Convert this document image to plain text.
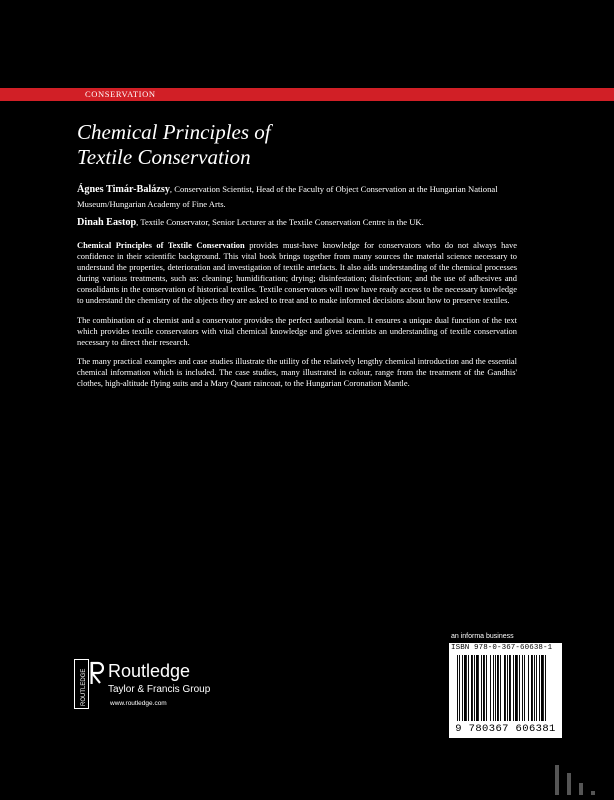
CONSERVATION
Chemical Principles of
Textile Conservation
Ágnes Timár-Balázsy, Conservation Scientist, Head of the Faculty of Object Conservation at the Hungarian National Museum/Hungarian Academy of Fine Arts.
Dinah Eastop, Textile Conservator, Senior Lecturer at the Textile Conservation Centre in the UK.

Chemical Principles of Textile Conservation provides must-have knowledge for conservators who do not always have confidence in their scientific background. This vital book brings together from many sources the material science necessary to understand the properties, deterioration and investigation of textile artefacts. It also aids understanding of the chemical processes during various treatments, such as: cleaning; humidification; drying; disinfestation; disinfection; and the use of adhesives and consolidants in the conservation of historical textiles. Textile conservators will now have ready access to the necessary knowledge to understand the chemistry of the objects they are asked to treat and to make informed decisions about how to preserve textiles.

The combination of a chemist and a conservator provides the perfect authorial team. It ensures a unique dual function of the text which provides textile conservators with vital chemical knowledge and gives scientists an understanding of textile conservation necessary to direct their research.

The many practical examples and case studies illustrate the utility of the relatively lengthy chemical introduction and the essential chemical information which is included. The case studies, many illustrated in colour, range from the treatment of the Gandhis' clothes, high-altitude flying suits and a Mary Quant raincoat, to the Hungarian Coronation Mantle.

ROUTLEDGE Routledge
Taylor & Francis Group
www.routledge.com
an informa business
ISBN 978-0-367-60638-1
9 780367 606381
